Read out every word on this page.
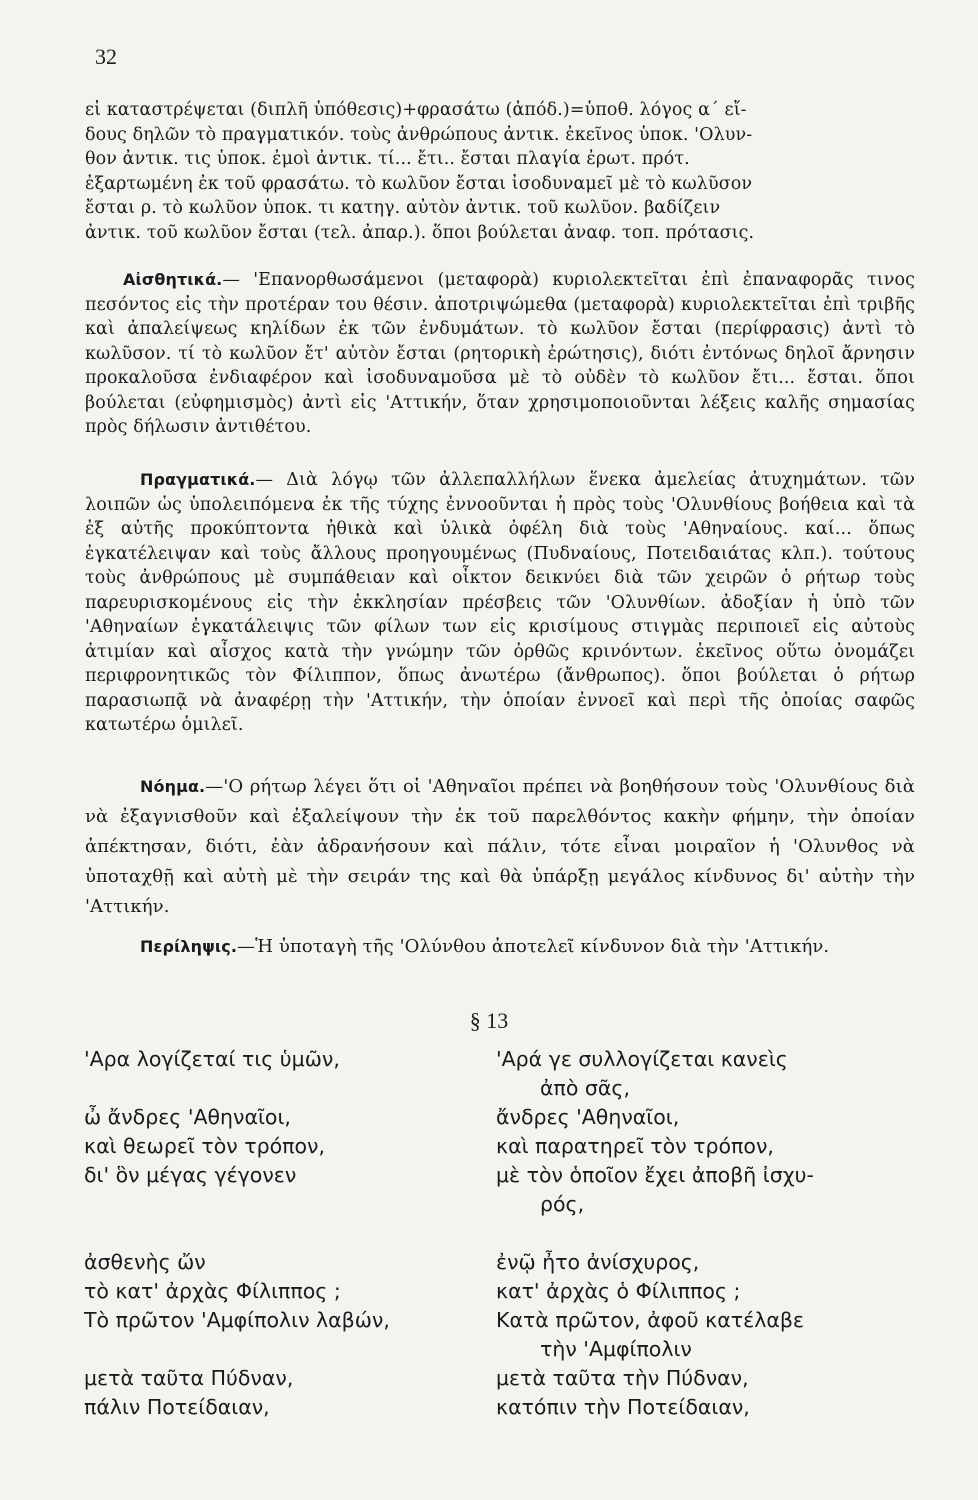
32

εἰ καταστρέψεται (διπλῆ ὑπόθεσις)+φρασάτω (ἀπόδ.)=ὑποθ. λόγος α΄ εἴ-

δους δηλῶν τὸ πραγματικόν. τοὺς ἀνθρώπους ἀντικ. ἐκεῖνος ὑποκ. 'Ολυν-

θον ἀντικ. τις ὑποκ. ἐμοὶ ἀντικ. τί... ἔτι.. ἔσται πλαγία ἐρωτ. πρότ.

ἐξαρτωμένη ἐκ τοῦ φρασάτω. τὸ κωλῦον ἔσται ἰσοδυναμεῖ μὲ τὸ κωλῦσον

ἔσται ρ. τὸ κωλῦον ὑποκ. τι κατηγ. αὐτὸν ἀντικ. τοῦ κωλῦον. βαδίζειν

ἀντικ. τοῦ κωλῦον ἔσται (τελ. ἀπαρ.). ὅποι βούλεται ἀναφ. τοπ. πρότασις.

Αἰσθητικά.— 'Επανορθωσάμενοι (μεταφορὰ) κυριολεκτεῖται ἐπὶ ἐπαναφορᾶς τινος πεσόντος εἰς τὴν προτέραν του θέσιν. ἀποτριψώμεθα (μεταφορὰ) κυριολεκτεῖται ἐπὶ τριβῆς καὶ ἀπαλείψεως κηλίδων ἐκ τῶν ἐνδυμάτων. τὸ κωλῦον ἔσται (περίφρασις) ἀντὶ τὸ κωλῦσον. τί τὸ κωλῦον ἔτ' αὐτὸν ἔσται (ρητορικὴ ἐρώτησις), διότι ἐντόνως δηλοῖ ἄρνησιν προκαλοῦσα ἐνδιαφέρον καὶ ἰσοδυναμοῦσα μὲ τὸ οὐδὲν τὸ κωλῦον ἔτι... ἔσται. ὅποι βούλεται (εὐφημισμὸς) ἀντὶ εἰς 'Αττικήν, ὅταν χρησιμοποιοῦνται λέξεις καλῆς σημασίας πρὸς δήλωσιν ἀντιθέτου.

Πραγματικά.— Διὰ λόγῳ τῶν ἀλλεπαλλήλων ἕνεκα ἀμελείας ἀτυχημάτων. τῶν λοιπῶν ὡς ὑπολειπόμενα ἐκ τῆς τύχης ἐννοοῦνται ἡ πρὸς τοὺς 'Ολυνθίους βοήθεια καὶ τὰ ἐξ αὐτῆς προκύπτοντα ἠθικὰ καὶ ὑλικὰ ὀφέλη διὰ τοὺς 'Αθηναίους. καί... ὅπως ἐγκατέλειψαν καὶ τοὺς ἄλλους προηγουμένως (Πυδναίους, Ποτειδαιάτας κλπ.). τούτους τοὺς ἀνθρώπους μὲ συμπάθειαν καὶ οἶκτον δεικνύει διὰ τῶν χειρῶν ὁ ρήτωρ τοὺς παρευρισκομένους εἰς τὴν ἐκκλησίαν πρέσβεις τῶν 'Ολυνθίων. ἀδοξίαν ἡ ὑπὸ τῶν 'Αθηναίων ἐγκατάλειψις τῶν φίλων των εἰς κρισίμους στιγμὰς περιποιεῖ εἰς αὐτοὺς ἀτιμίαν καὶ αἶσχος κατὰ τὴν γνώμην τῶν ὀρθῶς κρινόντων. ἐκεῖνος οὕτω ὀνομάζει περιφρονητικῶς τὸν Φίλιππον, ὅπως ἀνωτέρω (ἄνθρωπος). ὅποι βούλεται ὁ ρήτωρ παρασιωπᾷ νὰ ἀναφέρῃ τὴν 'Αττικήν, τὴν ὁποίαν ἐννοεῖ καὶ περὶ τῆς ὁποίας σαφῶς κατωτέρω ὁμιλεῖ.

Νόημα.—'Ο ρήτωρ λέγει ὅτι οἱ 'Αθηναῖοι πρέπει νὰ βοηθήσουν τοὺς 'Ολυνθίους διὰ νὰ ἐξαγνισθοῦν καὶ ἐξαλείψουν τὴν ἐκ τοῦ παρελθόντος κακὴν φήμην, τὴν ὁποίαν ἀπέκτησαν, διότι, ἐὰν ἀδρανήσουν καὶ πάλιν, τότε εἶναι μοιραῖον ἡ 'Ολυνθος νὰ ὑποταχθῇ καὶ αὐτὴ μὲ τὴν σειράν της καὶ θὰ ὑπάρξῃ μεγάλος κίνδυνος δι' αὐτὴν τὴν 'Αττικήν.

Περίληψις.—Ἡ ὑποταγὴ τῆς 'Ολύνθου ἀποτελεῖ κίνδυνον διὰ τὴν 'Αττικήν.

§ 13
'Αρα λογίζεταί τις ὑμῶν,
ὦ ἄνδρες 'Αθηναῖοι,
καὶ θεωρεῖ τὸν τρόπον,
δι' ὃν μέγας γέγονεν
ἀσθενὴς ὤν
τὸ κατ' ἀρχὰς Φίλιππος ;
Τὸ πρῶτον 'Αμφίπολιν λαβών,
μετὰ ταῦτα Πύδναν,
πάλιν Ποτείδαιαν,
'Αρά γε συλλογίζεται κανεὶς
ἀπὸ σᾶς,
ἄνδρες 'Αθηναῖοι,
καὶ παρατηρεῖ τὸν τρόπον,
μὲ τὸν ὁποῖον ἔχει ἀποβῆ ἰσχυ-
ρός,
ἐνῷ ἦτο ἀνίσχυρος,
κατ' ἀρχὰς ὁ Φίλιππος ;
Κατὰ πρῶτον, ἀφοῦ κατέλαβε
τὴν 'Αμφίπολιν
μετὰ ταῦτα τὴν Πύδναν,
κατόπιν τὴν Ποτείδαιαν,
